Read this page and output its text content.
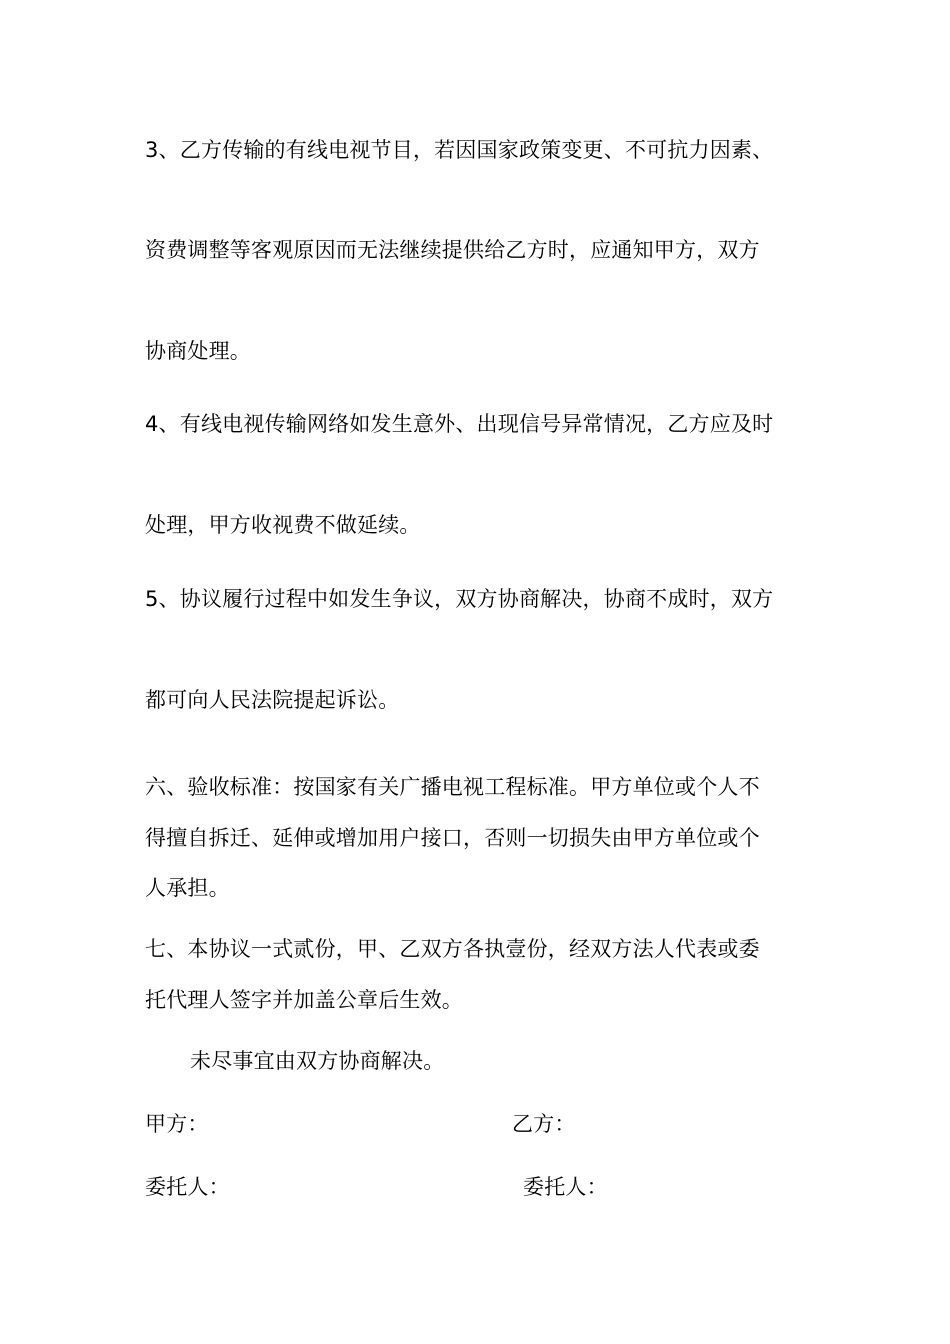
3、乙方传输的有线电视节目，若因国家政策变更、不可抗力因素、
资费调整等客观原因而无法继续提供给乙方时，应通知甲方，双方
协商处理。
4、有线电视传输网络如发生意外、出现信号异常情况，乙方应及时
处理，甲方收视费不做延续。
5、协议履行过程中如发生争议，双方协商解决，协商不成时，双方
都可向人民法院提起诉讼。
六、验收标准：按国家有关广播电视工程标准。甲方单位或个人不
得擅自拆迁、延伸或增加用户接口，否则一切损失由甲方单位或个
人承担。
七、本协议一式贰份，甲、乙双方各执壹份，经双方法人代表或委
托代理人签字并加盖公章后生效。
未尽事宜由双方协商解决。
甲方：	乙方：
委托人：	委托人：
